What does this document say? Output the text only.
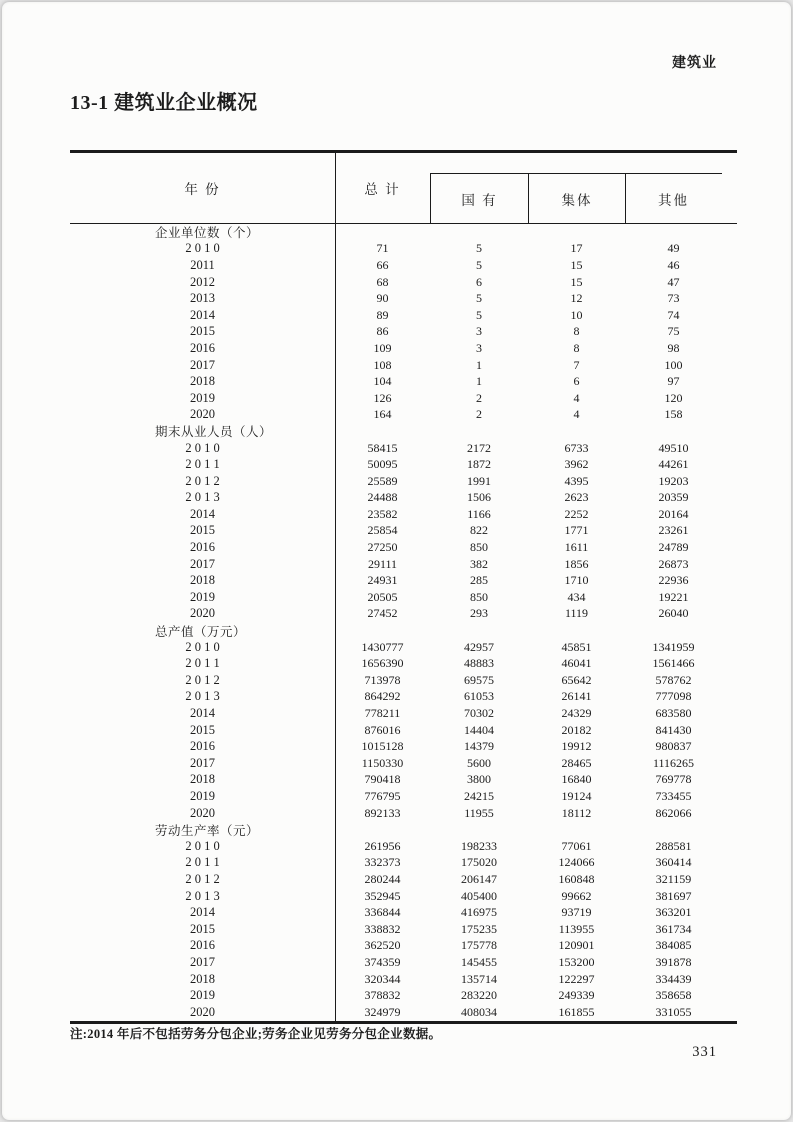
建筑业
13-1 建筑业企业概况
年 份	总 计
国 有	集体	其他
企业单位数（个）
2 0 1 0	71	5	17	49
2011	66	5	15	46
2012	68	6	15	47
2013	90	5	12	73
2014	89	5	10	74
2015	86	3	8	75
2016	109	3	8	98
2017	108	1	7	100
2018	104	1	6	97
2019	126	2	4	120
2020	164	2	4	158
期末从业人员（人）
2 0 1 0	58415	2172	6733	49510
2 0 1 1	50095	1872	3962	44261
2 0 1 2	25589	1991	4395	19203
2 0 1 3	24488	1506	2623	20359
2014	23582	1166	2252	20164
2015	25854	822	1771	23261
2016	27250	850	1611	24789
2017	29111	382	1856	26873
2018	24931	285	1710	22936
2019	20505	850	434	19221
2020	27452	293	1119	26040
总产值（万元）
2 0 1 0	1430777	42957	45851	1341959
2 0 1 1	1656390	48883	46041	1561466
2 0 1 2	713978	69575	65642	578762
2 0 1 3	864292	61053	26141	777098
2014	778211	70302	24329	683580
2015	876016	14404	20182	841430
2016	1015128	14379	19912	980837
2017	1150330	5600	28465	1116265
2018	790418	3800	16840	769778
2019	776795	24215	19124	733455
2020	892133	11955	18112	862066
劳动生产率（元）
2 0 1 0	261956	198233	77061	288581
2 0 1 1	332373	175020	124066	360414
2 0 1 2	280244	206147	160848	321159
2 0 1 3	352945	405400	99662	381697
2014	336844	416975	93719	363201
2015	338832	175235	113955	361734
2016	362520	175778	120901	384085
2017	374359	145455	153200	391878
2018	320344	135714	122297	334439
2019	378832	283220	249339	358658
2020	324979	408034	161855	331055
注:2014 年后不包括劳务分包企业;劳务企业见劳务分包企业数据。
331
